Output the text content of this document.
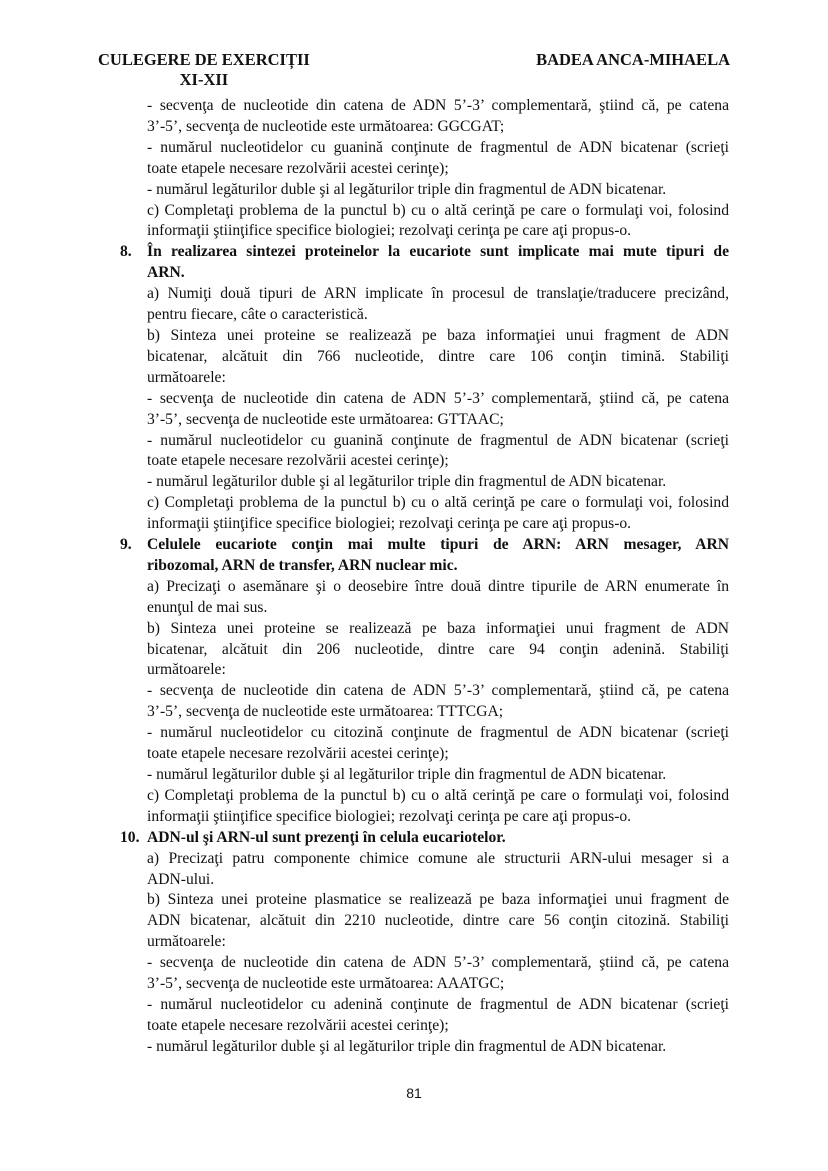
CULEGERE DE EXERCIȚII
XI-XII
BADEA ANCA-MIHAELA
- secvenţa de nucleotide din catena de ADN 5’-3’ complementară, ştiind că, pe catena
3’-5’, secvenţa de nucleotide este următoarea: GGCGAT;
- numărul nucleotidelor cu guanină conţinute de fragmentul de ADN bicatenar (scrieţi
toate etapele necesare rezolvării acestei cerinţe);
- numărul legăturilor duble şi al legăturilor triple din fragmentul de ADN bicatenar.
c) Completaţi problema de la punctul b) cu o altă cerinţă pe care o formulaţi voi, folosind
informaţii ştiinţifice specifice biologiei; rezolvaţi cerinţa pe care aţi propus-o.
8. În realizarea sintezei proteinelor la eucariote sunt implicate mai mute tipuri de
ARN.
a) Numiţi două tipuri de ARN implicate în procesul de translaţie/traducere precizând,
pentru fiecare, câte o caracteristică.
b) Sinteza unei proteine se realizează pe baza informaţiei unui fragment de ADN
bicatenar, alcătuit din 766 nucleotide, dintre care 106 conţin timină. Stabiliţi
următoarele:
- secvenţa de nucleotide din catena de ADN 5’-3’ complementară, ştiind că, pe catena
3’-5’, secvenţa de nucleotide este următoarea: GTTAAC;
- numărul nucleotidelor cu guanină conţinute de fragmentul de ADN bicatenar (scrieţi
toate etapele necesare rezolvării acestei cerinţe);
- numărul legăturilor duble şi al legăturilor triple din fragmentul de ADN bicatenar.
c) Completaţi problema de la punctul b) cu o altă cerinţă pe care o formulaţi voi, folosind
informaţii ştiinţifice specifice biologiei; rezolvaţi cerinţa pe care aţi propus-o.
9. Celulele eucariote conţin mai multe tipuri de ARN: ARN mesager, ARN
ribozomal, ARN de transfer, ARN nuclear mic.
a) Precizaţi o asemănare şi o deosebire între două dintre tipurile de ARN enumerate în
enunţul de mai sus.
b) Sinteza unei proteine se realizează pe baza informaţiei unui fragment de ADN
bicatenar, alcătuit din 206 nucleotide, dintre care 94 conţin adenină. Stabiliţi
următoarele:
- secvenţa de nucleotide din catena de ADN 5’-3’ complementară, ştiind că, pe catena
3’-5’, secvenţa de nucleotide este următoarea: TTTCGA;
- numărul nucleotidelor cu citozină conţinute de fragmentul de ADN bicatenar (scrieţi
toate etapele necesare rezolvării acestei cerinţe);
- numărul legăturilor duble şi al legăturilor triple din fragmentul de ADN bicatenar.
c) Completaţi problema de la punctul b) cu o altă cerinţă pe care o formulaţi voi, folosind
informaţii ştiinţifice specifice biologiei; rezolvaţi cerinţa pe care aţi propus-o.
10. ADN-ul şi ARN-ul sunt prezenţi în celula eucariotelor.
a) Precizaţi patru componente chimice comune ale structurii ARN-ului mesager si a
ADN-ului.
b) Sinteza unei proteine plasmatice se realizează pe baza informaţiei unui fragment de
ADN bicatenar, alcătuit din 2210 nucleotide, dintre care 56 conţin citozină. Stabiliţi
următoarele:
- secvenţa de nucleotide din catena de ADN 5’-3’ complementară, ştiind că, pe catena
3’-5’, secvenţa de nucleotide este următoarea: AAATGC;
- numărul nucleotidelor cu adenină conţinute de fragmentul de ADN bicatenar (scrieţi
toate etapele necesare rezolvării acestei cerinţe);
- numărul legăturilor duble şi al legăturilor triple din fragmentul de ADN bicatenar.
81
